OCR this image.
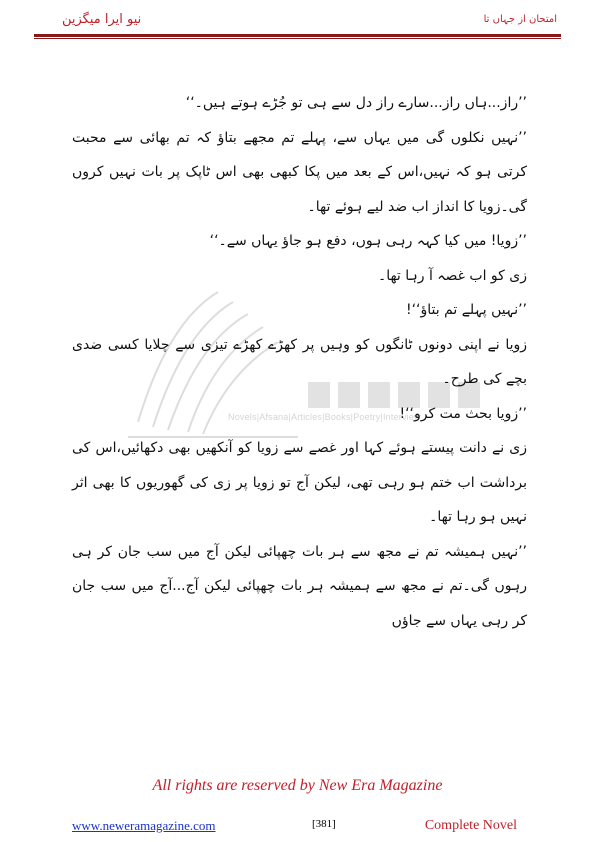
نیو ایرا میگزین	امتحان از جہاں تا
Novels|Afsana|Articles|Books|Poetry|Interview

’’راز...ہاں راز...سارے راز دل سے ہی تو جُڑے ہوتے ہیں۔‘‘

’’نہیں نکلوں گی میں یہاں سے، پہلے تم مجھے بتاؤ کہ تم بھائی سے محبت کرتی ہو کہ نہیں،اس کے بعد میں پکا کبھی بھی اس ٹاپک پر بات نہیں کروں گی۔زویا کا انداز اب ضد لیے ہوئے تھا۔

’’زویا! میں کیا کہہ رہی ہوں، دفع ہو جاؤ یہاں سے۔‘‘

زی کو اب غصہ آ رہا تھا۔

’’نہیں پہلے تم بتاؤ‘‘!

زویا نے اپنی دونوں ٹانگوں کو وہیں پر کھڑے کھڑے تیزی سے چلایا کسی ضدی بچے کی طرح۔

’’زویا بحث مت کرو‘‘!

زی نے دانت پیستے ہوئے کہا اور غصے سے زویا کو آنکھیں بھی دکھائیں،اس کی برداشت اب ختم ہو رہی تھی، لیکن آج تو زویا پر زی کی گھوریوں کا بھی اثر نہیں ہو رہا تھا۔

’’نہیں ہمیشہ تم نے مجھ سے ہر بات چھپائی لیکن آج میں سب جان کر ہی رہوں گی۔تم نے مجھ سے ہمیشہ ہر بات چھپائی لیکن آج...آج میں سب جان کر رہی یہاں سے جاؤں

All rights are reserved by New Era Magazine
www.neweramagazine.com	[381]	Complete Novel
